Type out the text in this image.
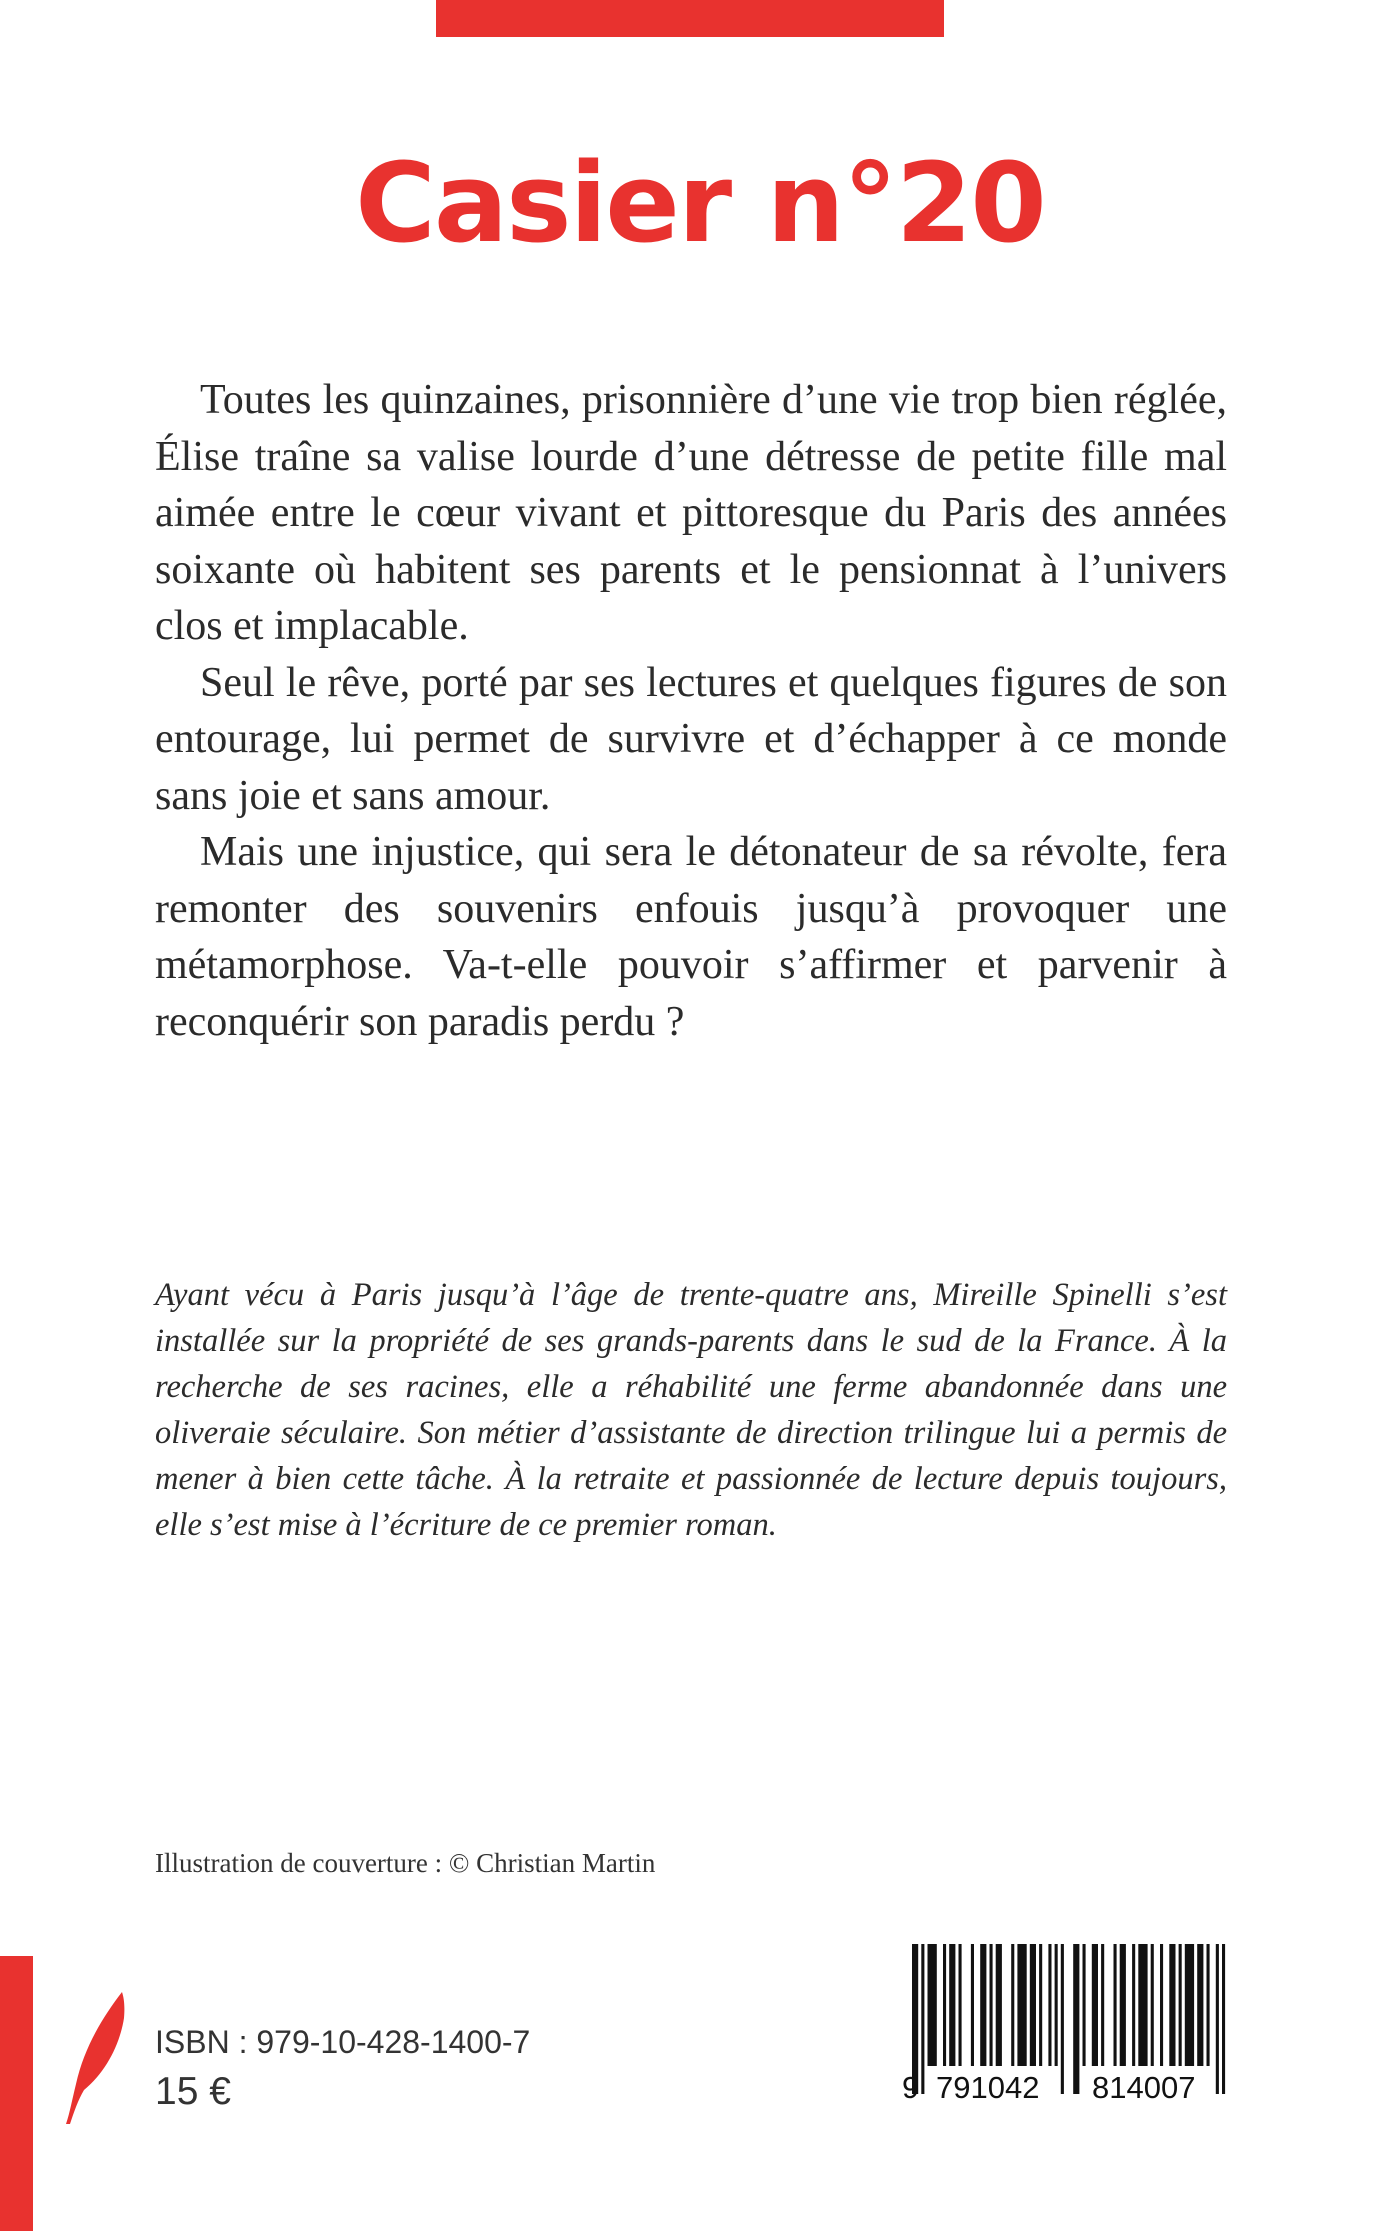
Casier n°20

Toutes les quinzaines, prisonnière d’une vie trop bien réglée, Élise traîne sa valise lourde d’une détresse de petite fille mal aimée entre le cœur vivant et pittoresque du Paris des années soixante où habitent ses parents et le pensionnat à l’univers clos et implacable.

Seul le rêve, porté par ses lectures et quelques figures de son entourage, lui permet de survivre et d’échapper à ce monde sans joie et sans amour.

Mais une injustice, qui sera le détonateur de sa révolte, fera remonter des souvenirs enfouis jusqu’à provoquer une métamorphose. Va-t-elle pouvoir s’affirmer et parvenir à reconquérir son paradis perdu ?

Ayant vécu à Paris jusqu’à l’âge de trente-quatre ans, Mireille Spinelli s’est installée sur la propriété de ses grands-parents dans le sud de la France. À la recherche de ses racines, elle a réhabilité une ferme abandonnée dans une oliveraie séculaire. Son métier d’assistante de direction trilingue lui a permis de mener à bien cette tâche. À la retraite et passionnée de lecture depuis toujours, elle s’est mise à l’écriture de ce premier roman.

Illustration de couverture : © Christian Martin

ISBN : 979-10-428-1400-7
15 €	9 791042 814007
